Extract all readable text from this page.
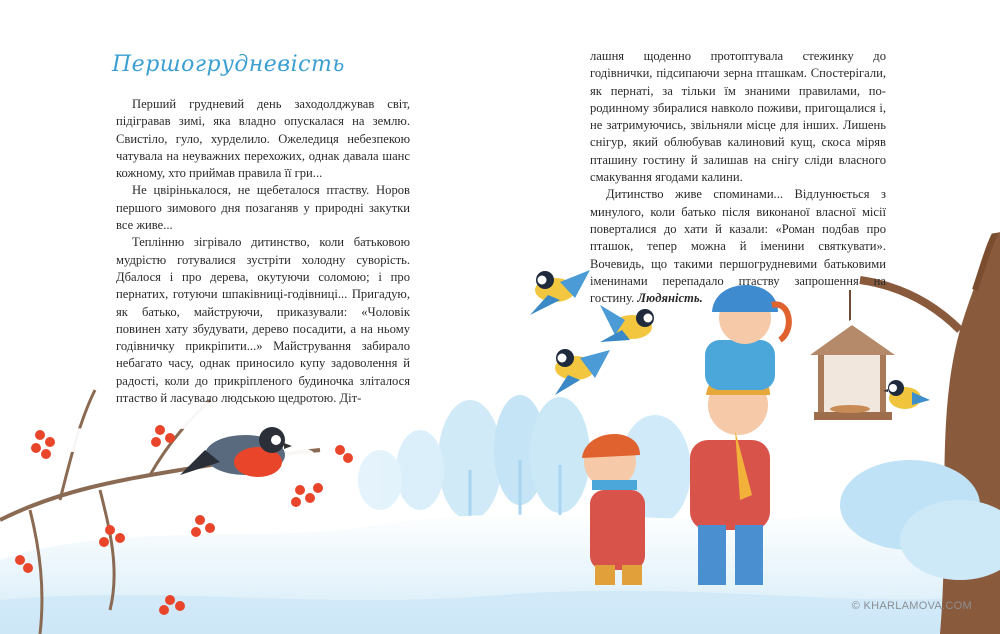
Першогрудневість

Перший грудневий день заходолджував світ, підігравав зимі, яка владно опускалася на землю. Свистіло, гуло, хурделило. Ожеледиця небезпекою чатувала на неуважних перехожих, однак давала шанс кожному, хто приймав правила її гри...

Не цвірінькалося, не щебеталося птаству. Норов першого зимового дня позаганяв у природні закутки все живе...

Теплінню зігрівало дитинство, коли батьковою мудрістю готувалися зустріти холодну суворість. Дбалося і про дерева, окутуючи соломою; і про пернатих, готуючи шпаківниці-годівниці... Пригадую, як батько, майструючи, приказували: «Чоловік повинен хату збудувати, дерево посадити, а на ньому годівничку прикріпити...» Майстрування забирало небагато часу, однак приносило купу задоволення й радості, коли до прикріпленого будиночка зліталося птаство й ласувало людською щедротою. Діт-

лашня щоденно протоптувала стежинку до годівнички, підсипаючи зерна пташкам. Спостерігали, як пернаті, за тільки їм знаними правилами, по-родинному збиралися навколо поживи, пригощалися і, не затримуючись, звільняли місце для інших. Лишень снігур, який облюбував калиновий кущ, скоса міряв пташину гостину й залишав на снігу сліди власного смакування ягодами калини.

Дитинство живе споминами... Відлунюється з минулого, коли батько після виконаної власної місії поверталися до хати й казали: «Роман подбав про пташок, тепер можна й іменини святкувати». Вочевидь, що такими першогрудневими батьковими іменинами перепадало птаству запрошення на гостину. Людяність.

© KHARLAMOVA.COM
